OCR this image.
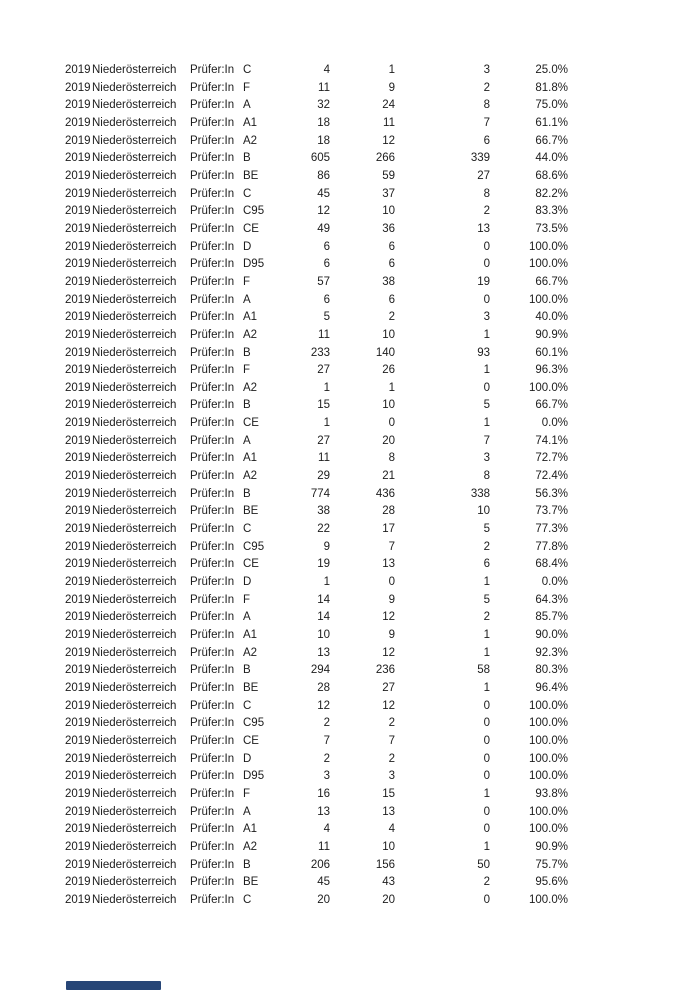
2019 Niederösterreich	Prüfer:In C	4	1	3	25.0%
2019 Niederösterreich	Prüfer:In F	11	9	2	81.8%
2019 Niederösterreich	Prüfer:In A	32	24	8	75.0%
2019 Niederösterreich	Prüfer:In A1	18	11	7	61.1%
2019 Niederösterreich	Prüfer:In A2	18	12	6	66.7%
2019 Niederösterreich	Prüfer:In B	605	266	339	44.0%
2019 Niederösterreich	Prüfer:In BE	86	59	27	68.6%
2019 Niederösterreich	Prüfer:In C	45	37	8	82.2%
2019 Niederösterreich	Prüfer:In C95	12	10	2	83.3%
2019 Niederösterreich	Prüfer:In CE	49	36	13	73.5%
2019 Niederösterreich	Prüfer:In D	6	6	0	100.0%
2019 Niederösterreich	Prüfer:In D95	6	6	0	100.0%
2019 Niederösterreich	Prüfer:In F	57	38	19	66.7%
2019 Niederösterreich	Prüfer:In A	6	6	0	100.0%
2019 Niederösterreich	Prüfer:In A1	5	2	3	40.0%
2019 Niederösterreich	Prüfer:In A2	11	10	1	90.9%
2019 Niederösterreich	Prüfer:In B	233	140	93	60.1%
2019 Niederösterreich	Prüfer:In F	27	26	1	96.3%
2019 Niederösterreich	Prüfer:In A2	1	1	0	100.0%
2019 Niederösterreich	Prüfer:In B	15	10	5	66.7%
2019 Niederösterreich	Prüfer:In CE	1	0	1	0.0%
2019 Niederösterreich	Prüfer:In A	27	20	7	74.1%
2019 Niederösterreich	Prüfer:In A1	11	8	3	72.7%
2019 Niederösterreich	Prüfer:In A2	29	21	8	72.4%
2019 Niederösterreich	Prüfer:In B	774	436	338	56.3%
2019 Niederösterreich	Prüfer:In BE	38	28	10	73.7%
2019 Niederösterreich	Prüfer:In C	22	17	5	77.3%
2019 Niederösterreich	Prüfer:In C95	9	7	2	77.8%
2019 Niederösterreich	Prüfer:In CE	19	13	6	68.4%
2019 Niederösterreich	Prüfer:In D	1	0	1	0.0%
2019 Niederösterreich	Prüfer:In F	14	9	5	64.3%
2019 Niederösterreich	Prüfer:In A	14	12	2	85.7%
2019 Niederösterreich	Prüfer:In A1	10	9	1	90.0%
2019 Niederösterreich	Prüfer:In A2	13	12	1	92.3%
2019 Niederösterreich	Prüfer:In B	294	236	58	80.3%
2019 Niederösterreich	Prüfer:In BE	28	27	1	96.4%
2019 Niederösterreich	Prüfer:In C	12	12	0	100.0%
2019 Niederösterreich	Prüfer:In C95	2	2	0	100.0%
2019 Niederösterreich	Prüfer:In CE	7	7	0	100.0%
2019 Niederösterreich	Prüfer:In D	2	2	0	100.0%
2019 Niederösterreich	Prüfer:In D95	3	3	0	100.0%
2019 Niederösterreich	Prüfer:In F	16	15	1	93.8%
2019 Niederösterreich	Prüfer:In A	13	13	0	100.0%
2019 Niederösterreich	Prüfer:In A1	4	4	0	100.0%
2019 Niederösterreich	Prüfer:In A2	11	10	1	90.9%
2019 Niederösterreich	Prüfer:In B	206	156	50	75.7%
2019 Niederösterreich	Prüfer:In BE	45	43	2	95.6%
2019 Niederösterreich	Prüfer:In C	20	20	0	100.0%
